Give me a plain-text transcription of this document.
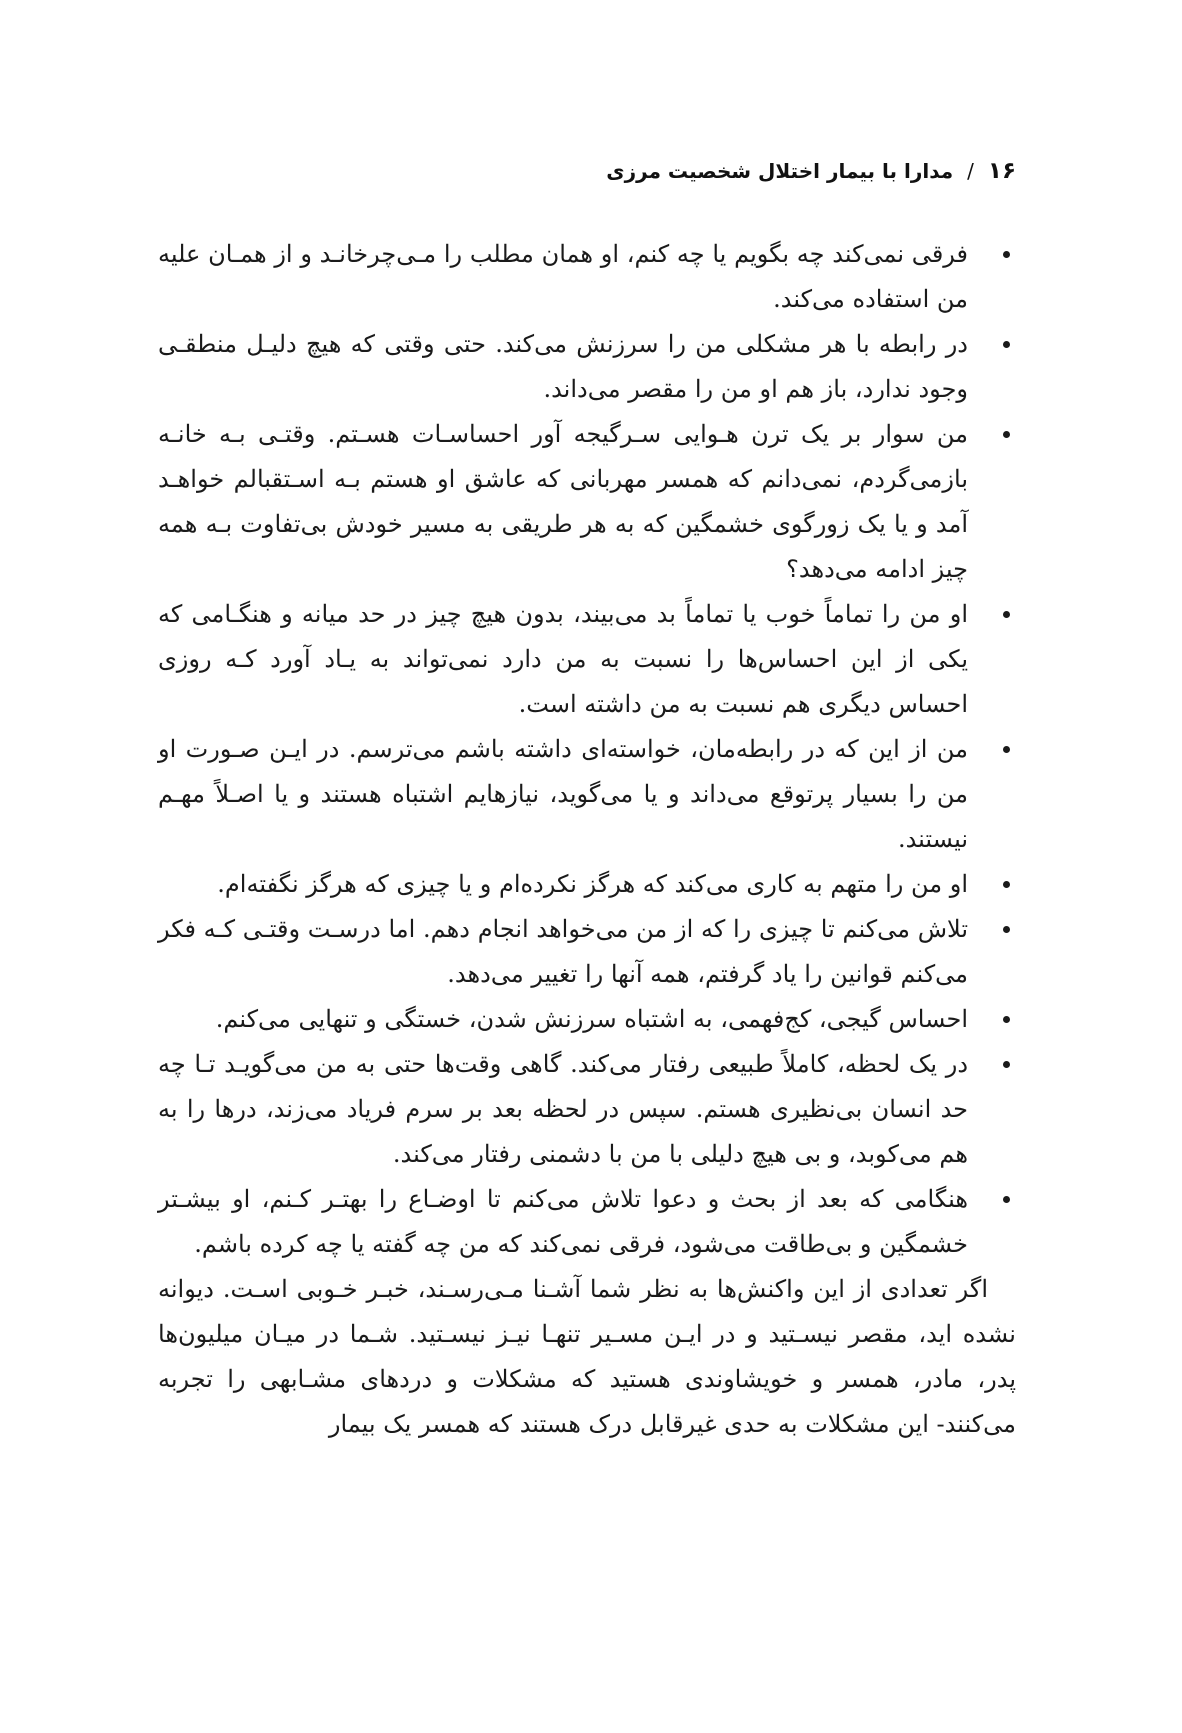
۱۶
/
مدارا با بیمار اختلال شخصیت مرزی
فرقی نمی‌کند چه بگویم یا چه کنم، او همان مطلب را مـی‌چرخانـد و از همـان علیه من استفاده می‌کند.
در رابطه با هر مشکلی من را سرزنش می‌کند. حتی وقتی که هیچ دلیـل منطقـی وجود ندارد، باز هم او من را مقصر می‌داند.
من سوار بر یک ترن هـوایی سـرگیجه آور احساسـات هسـتم. وقتـی بـه خانـه بازمی‌گردم، نمی‌دانم که همسر مهربانی که عاشق او هستم بـه اسـتقبالم خواهـد آمد و یا یک زورگوی خشمگین که به هر طریقی به مسیر خودش بی‌تفاوت بـه همه چیز ادامه می‌دهد؟
او من را تماماً خوب یا تماماً بد می‌بیند، بدون هیچ چیز در حد میانه و هنگـامی که یکی از این احساس‌ها را نسبت به من دارد نمی‌تواند به یـاد آورد کـه روزی احساس دیگری هم نسبت به من داشته است.
من از این که در رابطه‌مان، خواسته‌ای داشته باشم می‌ترسم. در ایـن صـورت او من را بسیار پرتوقع می‌داند و یا می‌گوید، نیازهایم اشتباه هستند و یا اصـلاً مهـم نیستند.
او من را متهم به کاری می‌کند که هرگز نکرده‌ام و یا چیزی که هرگز نگفته‌ام.
تلاش می‌کنم تا چیزی را که از من می‌خواهد انجام دهم. اما درسـت وقتـی کـه فکر می‌کنم قوانین را یاد گرفتم، همه آنها را تغییر می‌دهد.
احساس گیجی، کج‌فهمی، به اشتباه سرزنش شدن، خستگی و تنهایی می‌کنم.
در یک لحظه، کاملاً طبیعی رفتار می‌کند. گاهی وقت‌ها حتی به من می‌گویـد تـا چه حد انسان بی‌نظیری هستم. سپس در لحظه بعد بر سرم فریاد می‌زند، درها را به هم می‌کوبد، و بی هیچ دلیلی با من با دشمنی رفتار می‌کند.
هنگامی که بعد از بحث و دعوا تلاش می‌کنم تا اوضـاع را بهتـر کـنم، او بیشـتر خشمگین و بی‌طاقت می‌شود، فرقی نمی‌کند که من چه گفته یا چه کرده باشم.

اگر تعدادی از این واکنش‌ها به نظر شما آشـنا مـی‌رسـند، خبـر خـوبی اسـت. دیوانه نشده اید، مقصر نیسـتید و در ایـن مسـیر تنهـا نیـز نیسـتید. شـما در میـان میلیون‌ها پدر، مادر، همسر و خویشاوندی هستید که مشکلات و دردهای مشـابهی را تجربه می‌کنند- این مشکلات به حدی غیرقابل درک هستند که همسر یک بیمار
